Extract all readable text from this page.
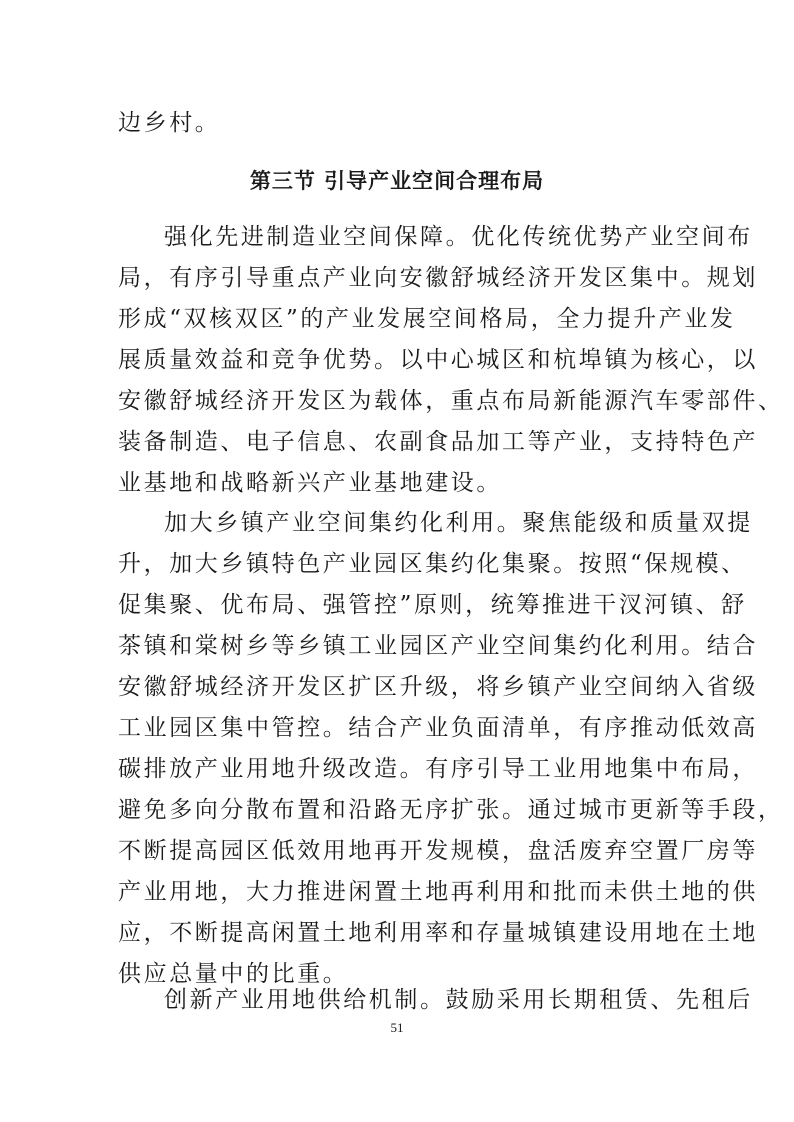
边乡村。
第三节 引导产业空间合理布局
强化先进制造业空间保障。优化传统优势产业空间布
局，有序引导重点产业向安徽舒城经济开发区集中。规划
形成“双核双区”的产业发展空间格局，全力提升产业发
展质量效益和竞争优势。以中心城区和杭埠镇为核心，以
安徽舒城经济开发区为载体，重点布局新能源汽车零部件、
装备制造、电子信息、农副食品加工等产业，支持特色产
业基地和战略新兴产业基地建设。
加大乡镇产业空间集约化利用。聚焦能级和质量双提
升，加大乡镇特色产业园区集约化集聚。按照“保规模、
促集聚、优布局、强管控”原则，统筹推进干汊河镇、舒
茶镇和棠树乡等乡镇工业园区产业空间集约化利用。结合
安徽舒城经济开发区扩区升级，将乡镇产业空间纳入省级
工业园区集中管控。结合产业负面清单，有序推动低效高
碳排放产业用地升级改造。有序引导工业用地集中布局，
避免多向分散布置和沿路无序扩张。通过城市更新等手段，
不断提高园区低效用地再开发规模，盘活废弃空置厂房等
产业用地，大力推进闲置土地再利用和批而未供土地的供
应，不断提高闲置土地利用率和存量城镇建设用地在土地
供应总量中的比重。
创新产业用地供给机制。鼓励采用长期租赁、先租后
51
